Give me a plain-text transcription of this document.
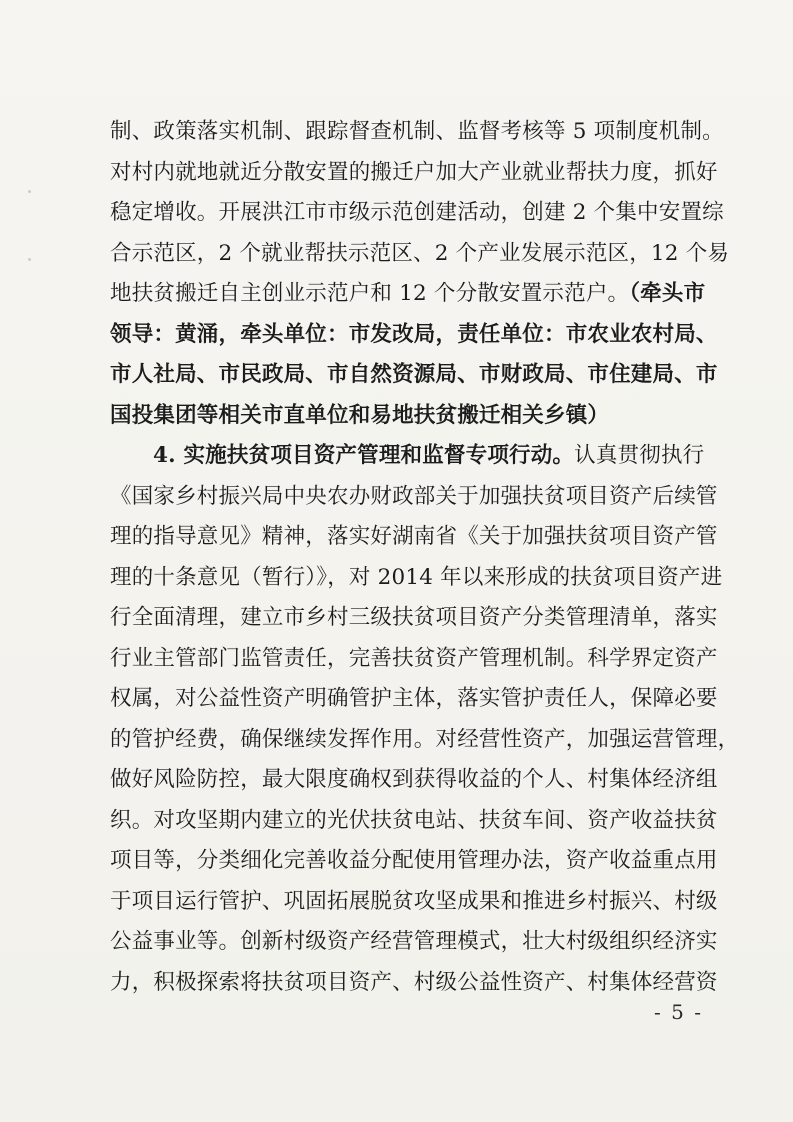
制、政策落实机制、跟踪督查机制、监督考核等 5 项制度机制。
对村内就地就近分散安置的搬迁户加大产业就业帮扶力度，抓好
稳定增收。开展洪江市市级示范创建活动，创建 2 个集中安置综
合示范区，2 个就业帮扶示范区、2 个产业发展示范区，12 个易
地扶贫搬迁自主创业示范户和 12 个分散安置示范户。（牵头市
领导：黄涌，牵头单位：市发改局，责任单位：市农业农村局、
市人社局、市民政局、市自然资源局、市财政局、市住建局、市
国投集团等相关市直单位和易地扶贫搬迁相关乡镇）
4. 实施扶贫项目资产管理和监督专项行动。认真贯彻执行
《国家乡村振兴局中央农办财政部关于加强扶贫项目资产后续管
理的指导意见》精神，落实好湖南省《关于加强扶贫项目资产管
理的十条意见（暂行）》，对 2014 年以来形成的扶贫项目资产进
行全面清理，建立市乡村三级扶贫项目资产分类管理清单，落实
行业主管部门监管责任，完善扶贫资产管理机制。科学界定资产
权属，对公益性资产明确管护主体，落实管护责任人，保障必要
的管护经费，确保继续发挥作用。对经营性资产，加强运营管理，
做好风险防控，最大限度确权到获得收益的个人、村集体经济组
织。对攻坚期内建立的光伏扶贫电站、扶贫车间、资产收益扶贫
项目等，分类细化完善收益分配使用管理办法，资产收益重点用
于项目运行管护、巩固拓展脱贫攻坚成果和推进乡村振兴、村级
公益事业等。创新村级资产经营管理模式，壮大村级组织经济实
力，积极探索将扶贫项目资产、村级公益性资产、村集体经营资
- 5 -
